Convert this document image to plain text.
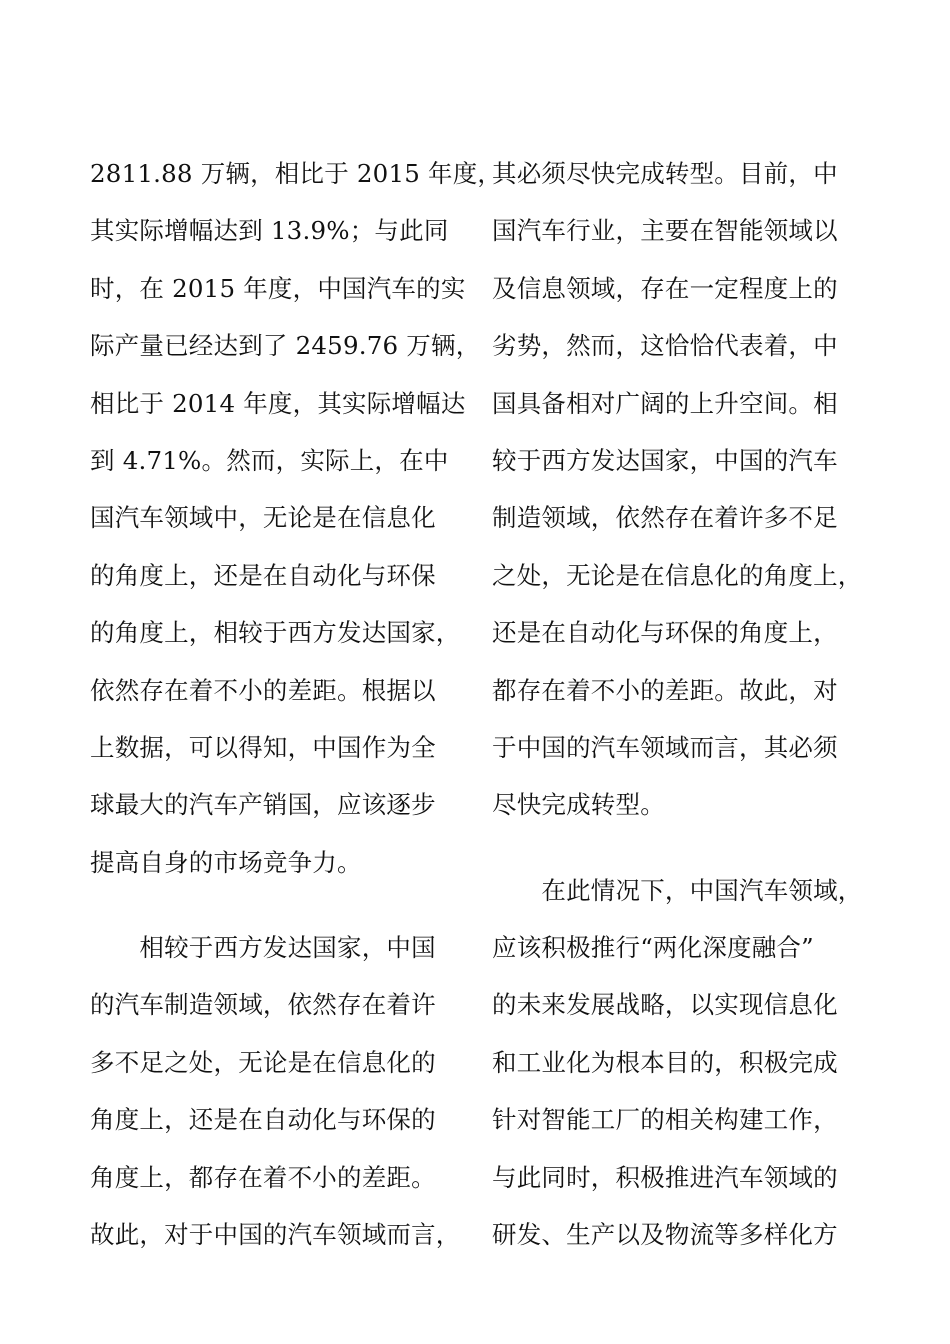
2811.88 万辆，相比于 2015 年度，
其实际增幅达到 13.9%；与此同
时，在 2015 年度，中国汽车的实
际产量已经达到了 2459.76 万辆，
相比于 2014 年度，其实际增幅达
到 4.71%。然而，实际上，在中
国汽车领域中，无论是在信息化
的角度上，还是在自动化与环保
的角度上，相较于西方发达国家，
依然存在着不小的差距。根据以
上数据，可以得知，中国作为全
球最大的汽车产销国，应该逐步
提高自身的市场竞争力。
　　相较于西方发达国家，中国
的汽车制造领域，依然存在着许
多不足之处，无论是在信息化的
角度上，还是在自动化与环保的
角度上，都存在着不小的差距。
故此，对于中国的汽车领域而言，
其必须尽快完成转型。目前，中
国汽车行业，主要在智能领域以
及信息领域，存在一定程度上的
劣势，然而，这恰恰代表着，中
国具备相对广阔的上升空间。相
较于西方发达国家，中国的汽车
制造领域，依然存在着许多不足
之处，无论是在信息化的角度上，
还是在自动化与环保的角度上，
都存在着不小的差距。故此，对
于中国的汽车领域而言，其必须
尽快完成转型。
　　在此情况下，中国汽车领域，
应该积极推行“两化深度融合”
的未来发展战略，以实现信息化
和工业化为根本目的，积极完成
针对智能工厂的相关构建工作，
与此同时，积极推进汽车领域的
研发、生产以及物流等多样化方
